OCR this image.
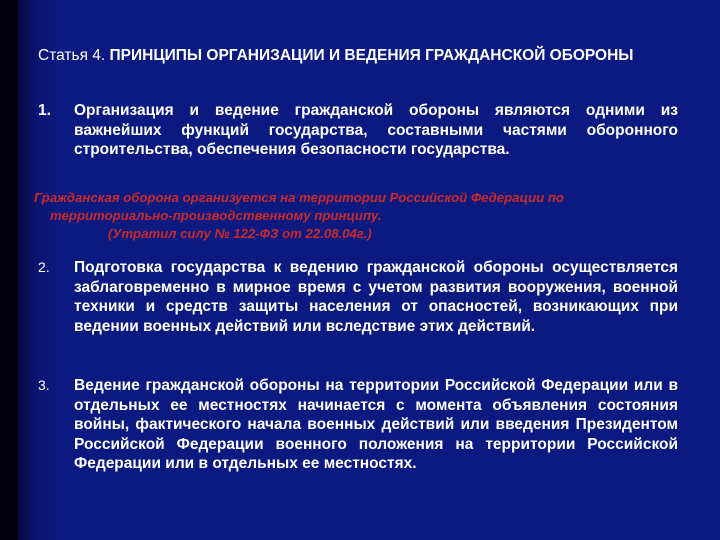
Статья 4. ПРИНЦИПЫ ОРГАНИЗАЦИИ И ВЕДЕНИЯ ГРАЖДАНСКОЙ ОБОРОНЫ
1.	Организация и ведение гражданской обороны являются одними из важнейших функций государства, составными частями оборонного строительства, обеспечения безопасности государства.
Гражданская оборона организуется на территории Российской Федерации по
территориально-производственному принципу.
(Утратил силу № 122-ФЗ от 22.08.04г.)
2.	Подготовка государства к ведению гражданской обороны осуществляется заблаговременно в мирное время с учетом развития вооружения, военной техники и средств защиты населения от опасностей, возникающих при ведении военных действий или вследствие этих действий.
3.	Ведение гражданской обороны на территории Российской Федерации или в отдельных ее местностях начинается с момента объявления состояния войны, фактического начала военных действий или введения Президентом Российской Федерации военного положения на территории Российской Федерации или в отдельных ее местностях.
